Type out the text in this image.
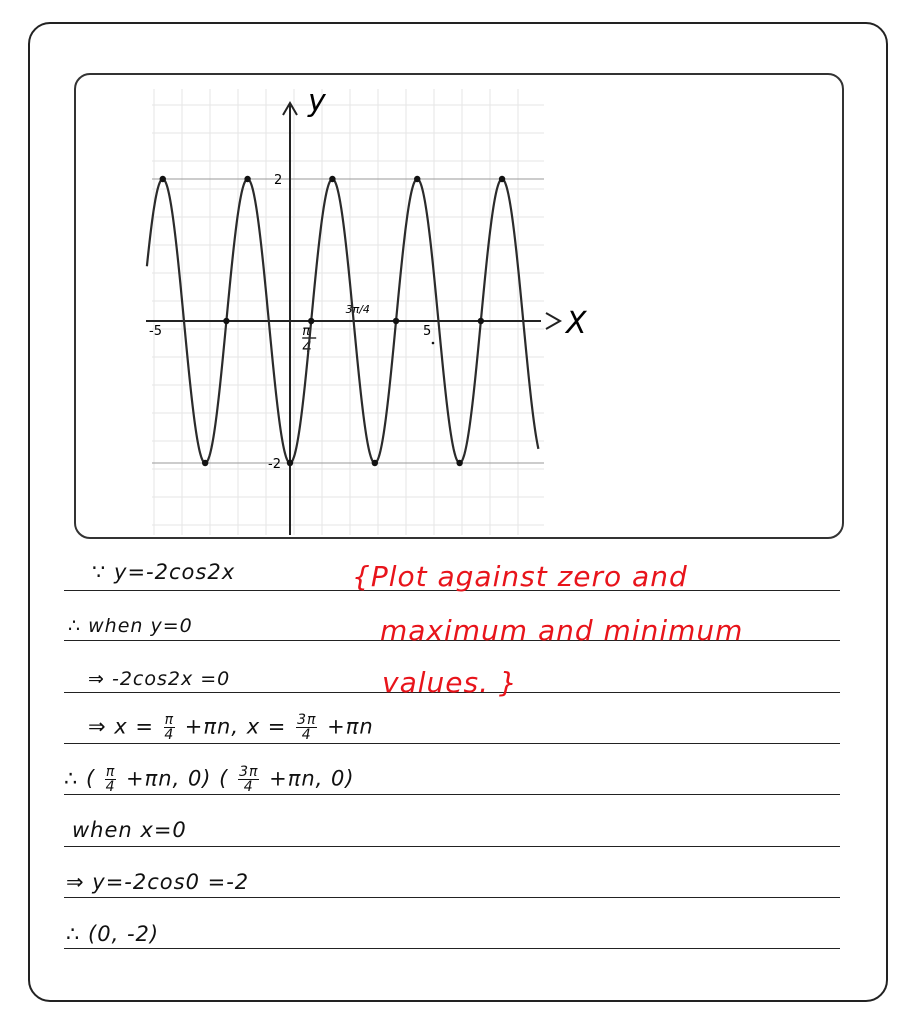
y
X
2
-2
-5	5
π
4
3π/4
∵ y=-2cos2x
∴ when y=0
⇒ -2cos2x =0
⇒ $x = \frac{\pi}{4} +\pi n$, $x = \frac{3\pi}{4} +\pi n$
∴ ( $\frac{\pi}{4} +\pi n$, 0) ( $\frac{3\pi}{4} +\pi n$, 0)
when x=0
⇒ y=-2cos0 =-2
∴ (0, -2)
{Plot against zero and
maximum and minimum
values. }
